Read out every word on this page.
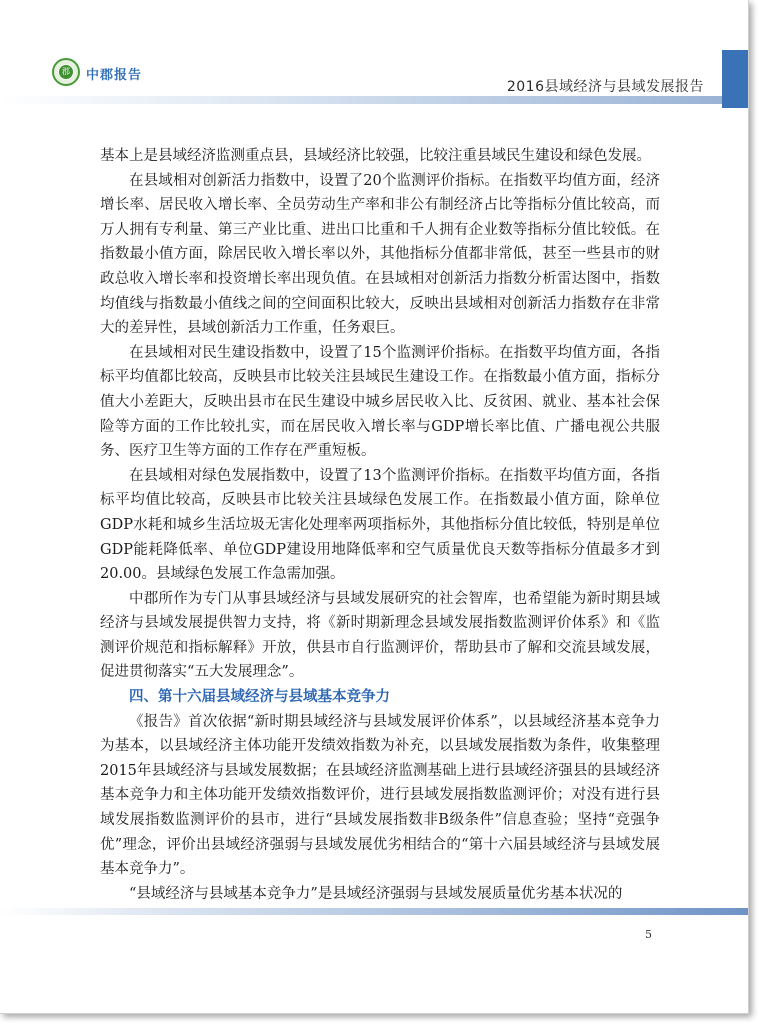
郡 中郡报告
2016县域经济与县域发展报告

基本上是县域经济监测重点县，县域经济比较强，比较注重县域民生建设和绿色发展。

在县域相对创新活力指数中，设置了20个监测评价指标。在指数平均值方面，经济增长率、居民收入增长率、全员劳动生产率和非公有制经济占比等指标分值比较高，而万人拥有专利量、第三产业比重、进出口比重和千人拥有企业数等指标分值比较低。在指数最小值方面，除居民收入增长率以外，其他指标分值都非常低，甚至一些县市的财政总收入增长率和投资增长率出现负值。在县域相对创新活力指数分析雷达图中，指数均值线与指数最小值线之间的空间面积比较大，反映出县域相对创新活力指数存在非常大的差异性，县域创新活力工作重，任务艰巨。

在县域相对民生建设指数中，设置了15个监测评价指标。在指数平均值方面，各指标平均值都比较高，反映县市比较关注县域民生建设工作。在指数最小值方面，指标分值大小差距大，反映出县市在民生建设中城乡居民收入比、反贫困、就业、基本社会保险等方面的工作比较扎实，而在居民收入增长率与GDP增长率比值、广播电视公共服务、医疗卫生等方面的工作存在严重短板。

在县域相对绿色发展指数中，设置了13个监测评价指标。在指数平均值方面，各指标平均值比较高，反映县市比较关注县域绿色发展工作。在指数最小值方面，除单位GDP水耗和城乡生活垃圾无害化处理率两项指标外，其他指标分值比较低，特别是单位GDP能耗降低率、单位GDP建设用地降低率和空气质量优良天数等指标分值最多才到20.00。县域绿色发展工作急需加强。

中郡所作为专门从事县域经济与县域发展研究的社会智库，也希望能为新时期县域经济与县域发展提供智力支持，将《新时期新理念县域发展指数监测评价体系》和《监测评价规范和指标解释》开放，供县市自行监测评价，帮助县市了解和交流县域发展，促进贯彻落实“五大发展理念”。

四、第十六届县域经济与县域基本竞争力

《报告》首次依据“新时期县域经济与县域发展评价体系”，以县域经济基本竞争力为基本，以县域经济主体功能开发绩效指数为补充，以县域发展指数为条件，收集整理2015年县域经济与县域发展数据；在县域经济监测基础上进行县域经济强县的县域经济基本竞争力和主体功能开发绩效指数评价，进行县域发展指数监测评价；对没有进行县域发展指数监测评价的县市，进行“县域发展指数非B级条件”信息查验；坚持“竞强争优”理念，评价出县域经济强弱与县域发展优劣相结合的“第十六届县域经济与县域发展基本竞争力”。

“县域经济与县域基本竞争力”是县域经济强弱与县域发展质量优劣基本状况的

5
